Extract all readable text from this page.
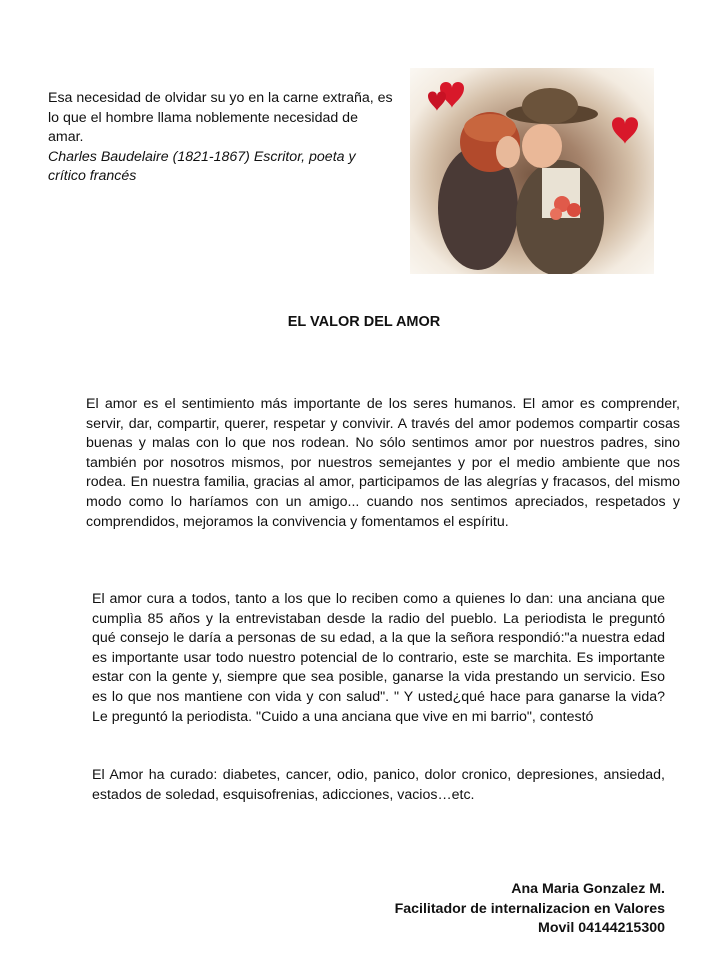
Esa necesidad de olvidar su yo en la carne extraña, es lo que el hombre llama noblemente necesidad de amar.

Charles Baudelaire (1821-1867) Escritor, poeta y crítico francés

EL VALOR DEL AMOR

El amor es el sentimiento más importante de los seres humanos. El amor es comprender, servir, dar, compartir, querer, respetar y convivir. A través del amor podemos compartir cosas buenas y malas con lo que nos rodean. No sólo sentimos amor por nuestros padres, sino también por nosotros mismos, por nuestros semejantes y por el medio ambiente que nos rodea. En nuestra familia, gracias al amor, participamos de las alegrías y fracasos, del mismo modo como lo haríamos con un amigo... cuando nos sentimos apreciados, respetados y comprendidos, mejoramos la convivencia y fomentamos el espíritu.

El amor cura a todos, tanto a los que lo reciben como a quienes lo dan: una anciana que cumplìa 85 años y la entrevistaban desde la radio del pueblo. La periodista le preguntó qué consejo le daría a personas de su edad, a la que la señora respondió:"a nuestra edad es importante usar todo nuestro potencial de lo contrario, este se marchita. Es importante estar con la gente y, siempre que sea posible, ganarse la vida prestando un servicio. Eso es lo que nos mantiene con vida y con salud". " Y usted¿qué hace para ganarse la vida? Le preguntó la periodista. "Cuido a una anciana que vive en mi barrio", contestó

El Amor ha curado: diabetes, cancer, odio, panico, dolor cronico, depresiones, ansiedad, estados de soledad, esquisofrenias, adicciones, vacios…etc.

Ana Maria Gonzalez M.
Facilitador de internalizacion en Valores
Movil 04144215300
